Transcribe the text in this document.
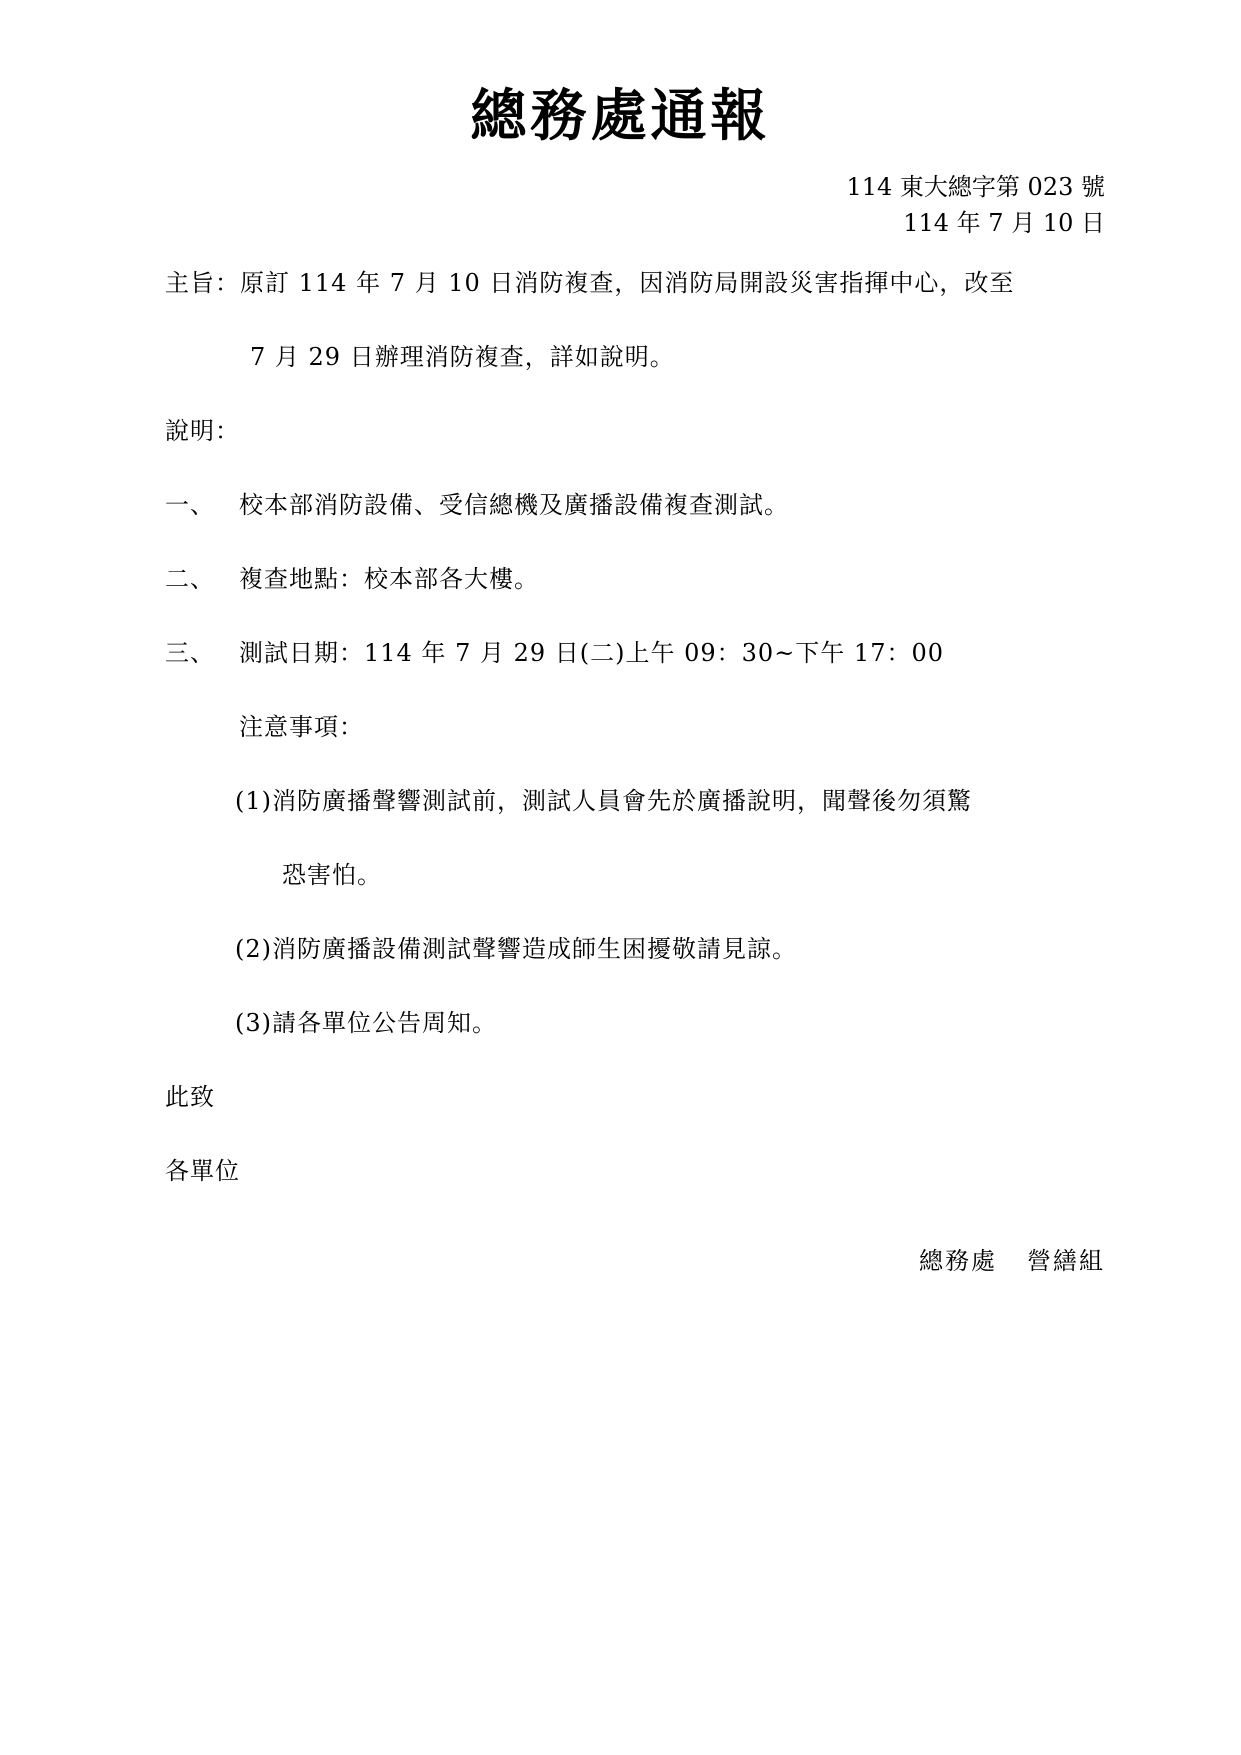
總務處通報
114 東大總字第 023 號
114 年 7 月 10 日
主旨：原訂 114 年 7 月 10 日消防複查，因消防局開設災害指揮中心，改至
7 月 29 日辦理消防複查，詳如說明。
說明：
一、 校本部消防設備、受信總機及廣播設備複查測試。
二、 複查地點：校本部各大樓。
三、 測試日期：114 年 7 月 29 日(二)上午 09：30~下午 17：00
注意事項：
(1)消防廣播聲響測試前，測試人員會先於廣播說明，聞聲後勿須驚
恐害怕。
(2)消防廣播設備測試聲響造成師生困擾敬請見諒。
(3)請各單位公告周知。
此致
各單位
總務處 營繕組
